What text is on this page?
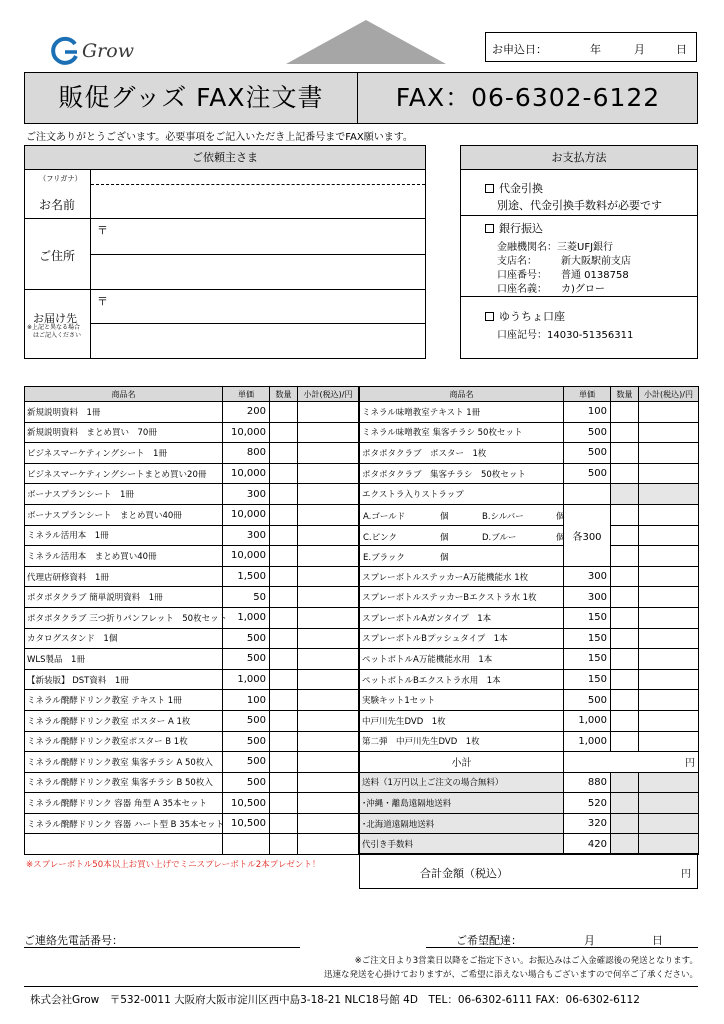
Grow	お申込日：	年	月	日
販促グッズ FAX注文書	FAX：06-6302-6122
ご注文ありがとうございます。必要事項をご記入いただき上記番号までFAX願います。
ご依頼主さま
（フリガナ）
お名前
ご住所
〒
お届け先
※上記と異なる場合
はご記入ください
〒
お支払方法
代金引換
別途、代金引換手数料が必要です
銀行振込
金融機関名：三菱UFJ銀行
支店名： 新大阪駅前支店
口座番号： 普通 0138758
口座名義： カ)グロー
ゆうちょ口座
口座記号：14030-51356311
商品名	単価	数量	小計(税込)/円
新規説明資料　1冊	200		
新規説明資料　まとめ買い　70冊	10,000		
ビジネスマーケティングシート　1冊	800		
ビジネスマーケティングシートまとめ買い20冊	10,000		
ボーナスプランシート　1冊	300		
ボーナスプランシート　まとめ買い40冊	10,000		
ミネラル活用本　1冊	300		
ミネラル活用本　まとめ買い40冊	10,000		
代理店研修資料　1冊	1,500		
ポタポタクラブ 簡単説明資料　1冊	50		
ポタポタクラブ 三つ折りパンフレット　50枚セット	1,000		
カタログスタンド　1個	500		
WLS製品　1冊	500		
【新装版】 DST資料　1冊	1,000		
ミネラル醗酵ドリンク教室 テキスト 1冊	100		
ミネラル醗酵ドリンク教室 ポスター A 1枚	500		
ミネラル醗酵ドリンク教室ポスター B 1枚	500		
ミネラル醗酵ドリンク教室 集客チラシ A 50枚入	500		
ミネラル醗酵ドリンク教室 集客チラシ B 50枚入	500		
ミネラル醗酵ドリンク 容器 角型 A 35本セット	10,500		
ミネラル醗酵ドリンク 容器 ハート型 B 35本セット	10,500		

商品名	単価	数量	小計(税込)/円
ミネラル味噌教室テキスト 1冊	100		
ミネラル味噌教室 集客チラシ 50枚セット	500		
ポタポタクラブ　ポスター　1枚	500		
ポタポタクラブ　集客チラシ　50枚セット	500		
エクストラ入りストラップ			

A.ゴールド 個 B.シルバー 個	各300		

C.ピンク 個 D.ブルー 個			

E.ブラック 個			

スプレーボトルステッカーA万能機能水 1枚	300		
スプレーボトルステッカーBエクストラ水 1枚	300		
スプレーボトルAガンタイプ　1本	150		
スプレーボトルBプッシュタイプ　1本	150		
ペットボトルA万能機能水用　1本	150		
ペットボトルBエクストラ水用　1本	150		
実験キット1セット	500		
中戸川先生DVD　1枚	1,000		
第二弾　中戸川先生DVD　1枚	1,000		
小計	円		
送料（1万円以上ご注文の場合無料）	880		
･沖縄・離島遠隔地送料	520		
･北海道遠隔地送料	320		
代引き手数料	420		
※スプレーボトル50本以上お買い上げでミニスプレーボトル2本プレゼント！
合計金額（税込）	円
ご連絡先電話番号：	ご希望配達：	月	日
※ご注文日より3営業日以降をご指定下さい。お振込みはご入金確認後の発送となります。
迅速な発送を心掛けておりますが、ご希望に添えない場合もございますので何卒ご了承ください。
株式会社Grow　〒532-0011 大阪府大阪市淀川区西中島3-18-21 NLC18号館 4D　TEL：06-6302-6111 FAX：06-6302-6112
